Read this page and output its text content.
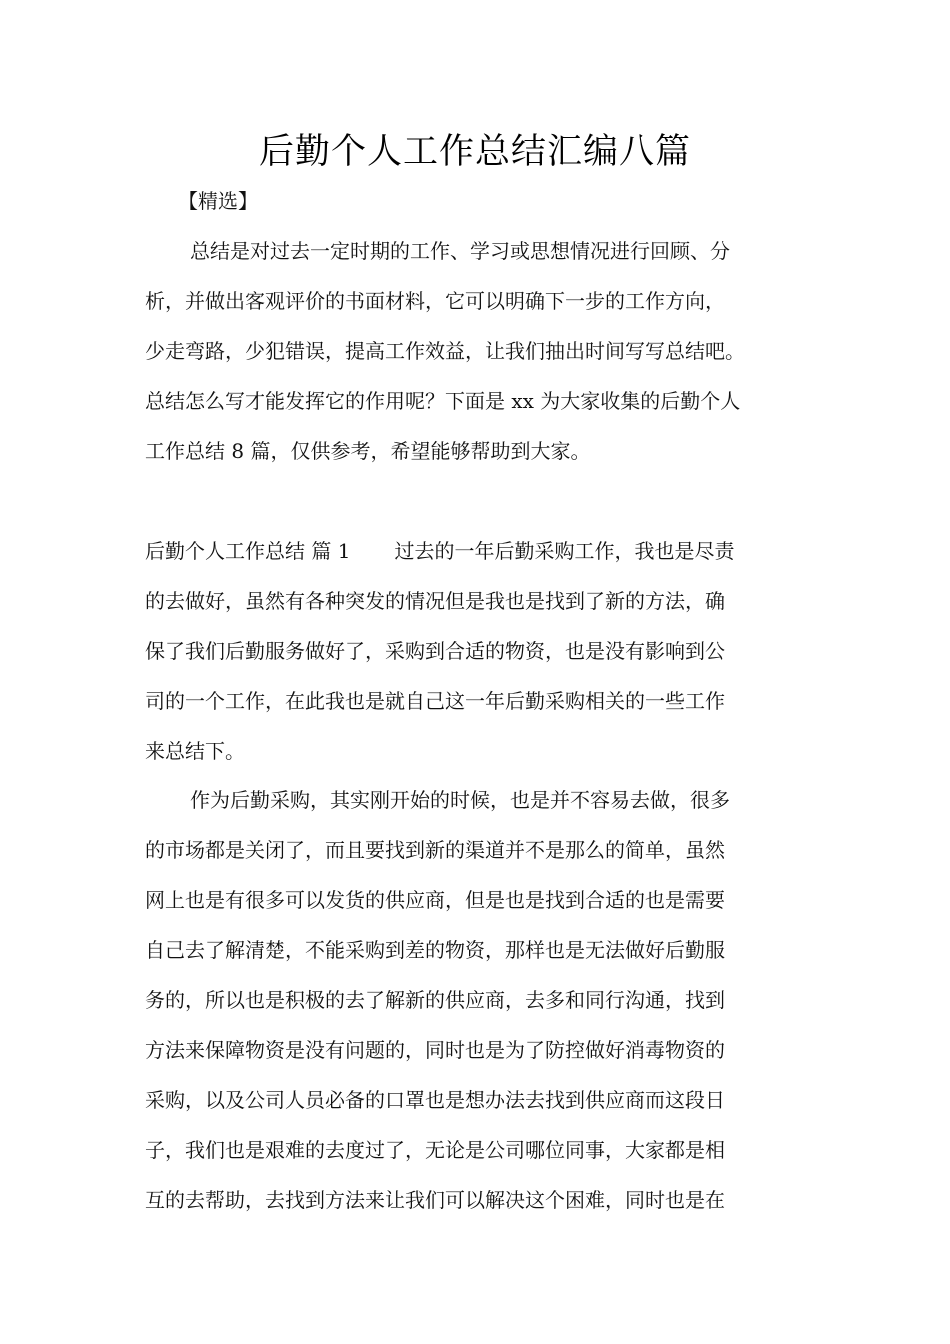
后勤个人工作总结汇编八篇
【精选】
总结是对过去一定时期的工作、学习或思想情况进行回顾、分
析，并做出客观评价的书面材料，它可以明确下一步的工作方向，
少走弯路，少犯错误，提高工作效益，让我们抽出时间写写总结吧。
总结怎么写才能发挥它的作用呢？下面是 xx 为大家收集的后勤个人
工作总结 8 篇，仅供参考，希望能够帮助到大家。
后勤个人工作总结 篇 1 过去的一年后勤采购工作，我也是尽责
的去做好，虽然有各种突发的情况但是我也是找到了新的方法，确
保了我们后勤服务做好了，采购到合适的物资，也是没有影响到公
司的一个工作，在此我也是就自己这一年后勤采购相关的一些工作
来总结下。
作为后勤采购，其实刚开始的时候，也是并不容易去做，很多
的市场都是关闭了，而且要找到新的渠道并不是那么的简单，虽然
网上也是有很多可以发货的供应商，但是也是找到合适的也是需要
自己去了解清楚，不能采购到差的物资，那样也是无法做好后勤服
务的，所以也是积极的去了解新的供应商，去多和同行沟通，找到
方法来保障物资是没有问题的，同时也是为了防控做好消毒物资的
采购，以及公司人员必备的口罩也是想办法去找到供应商而这段日
子，我们也是艰难的去度过了，无论是公司哪位同事，大家都是相
互的去帮助，去找到方法来让我们可以解决这个困难，同时也是在
